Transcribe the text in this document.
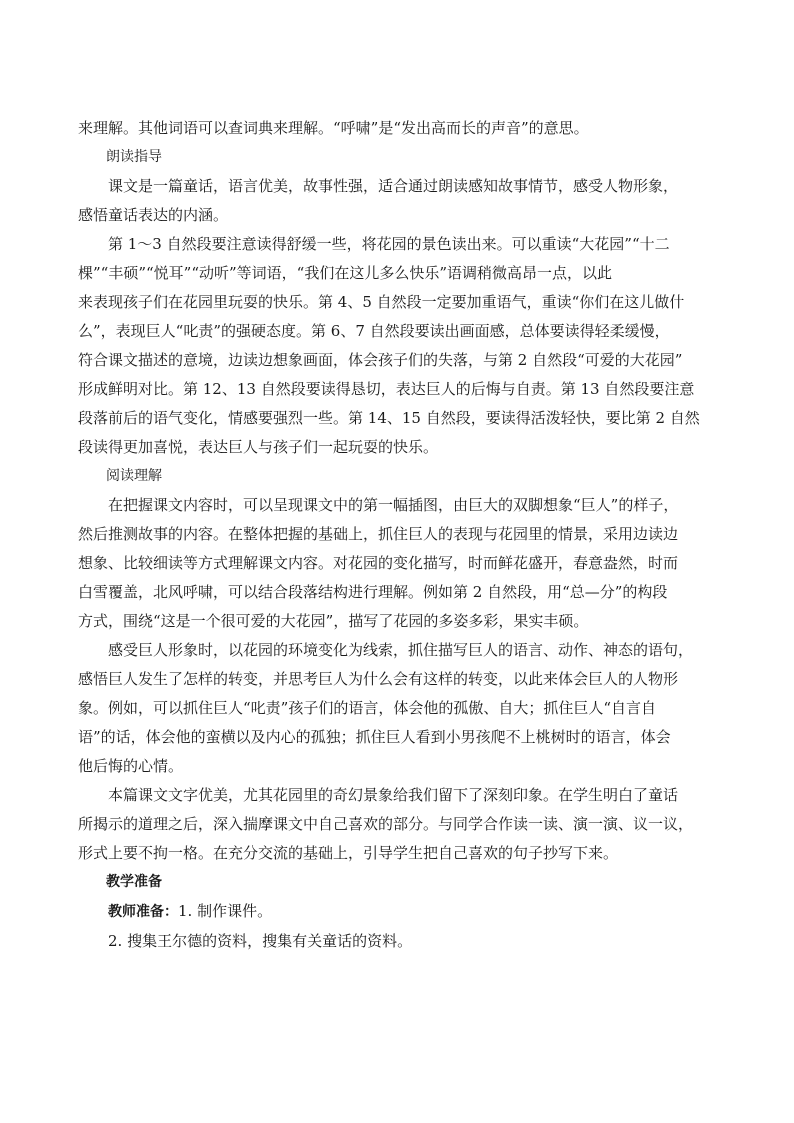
来理解。其他词语可以查词典来理解。“呼啸”是“发出高而长的声音”的意思。

朗读指导

课文是一篇童话，语言优美，故事性强，适合通过朗读感知故事情节，感受人物形象，

感悟童话表达的内涵。

第 1～3 自然段要注意读得舒缓一些，将花园的景色读出来。可以重读“大花园”“十二

棵”“丰硕”“悦耳”“动听”等词语，“我们在这儿多么快乐”语调稍微高昂一点，以此

来表现孩子们在花园里玩耍的快乐。第 4、5 自然段一定要加重语气，重读“你们在这儿做什

么”，表现巨人“叱责”的强硬态度。第 6、7 自然段要读出画面感，总体要读得轻柔缓慢，

符合课文描述的意境，边读边想象画面，体会孩子们的失落，与第 2 自然段“可爱的大花园”

形成鲜明对比。第 12、13 自然段要读得恳切，表达巨人的后悔与自责。第 13 自然段要注意

段落前后的语气变化，情感要强烈一些。第 14、15 自然段，要读得活泼轻快，要比第 2 自然

段读得更加喜悦，表达巨人与孩子们一起玩耍的快乐。

阅读理解

在把握课文内容时，可以呈现课文中的第一幅插图，由巨大的双脚想象“巨人”的样子，

然后推测故事的内容。在整体把握的基础上，抓住巨人的表现与花园里的情景，采用边读边

想象、比较细读等方式理解课文内容。对花园的变化描写，时而鲜花盛开，春意盎然，时而

白雪覆盖，北风呼啸，可以结合段落结构进行理解。例如第 2 自然段，用“总—分”的构段

方式，围绕“这是一个很可爱的大花园”，描写了花园的多姿多彩，果实丰硕。

感受巨人形象时，以花园的环境变化为线索，抓住描写巨人的语言、动作、神态的语句，

感悟巨人发生了怎样的转变，并思考巨人为什么会有这样的转变，以此来体会巨人的人物形

象。例如，可以抓住巨人“叱责”孩子们的语言，体会他的孤傲、自大；抓住巨人“自言自

语”的话，体会他的蛮横以及内心的孤独；抓住巨人看到小男孩爬不上桃树时的语言，体会

他后悔的心情。

本篇课文文字优美，尤其花园里的奇幻景象给我们留下了深刻印象。在学生明白了童话

所揭示的道理之后，深入揣摩课文中自己喜欢的部分。与同学合作读一读、演一演、议一议，

形式上要不拘一格。在充分交流的基础上，引导学生把自己喜欢的句子抄写下来。

教学准备

教师准备：1. 制作课件。

2. 搜集王尔德的资料，搜集有关童话的资料。
